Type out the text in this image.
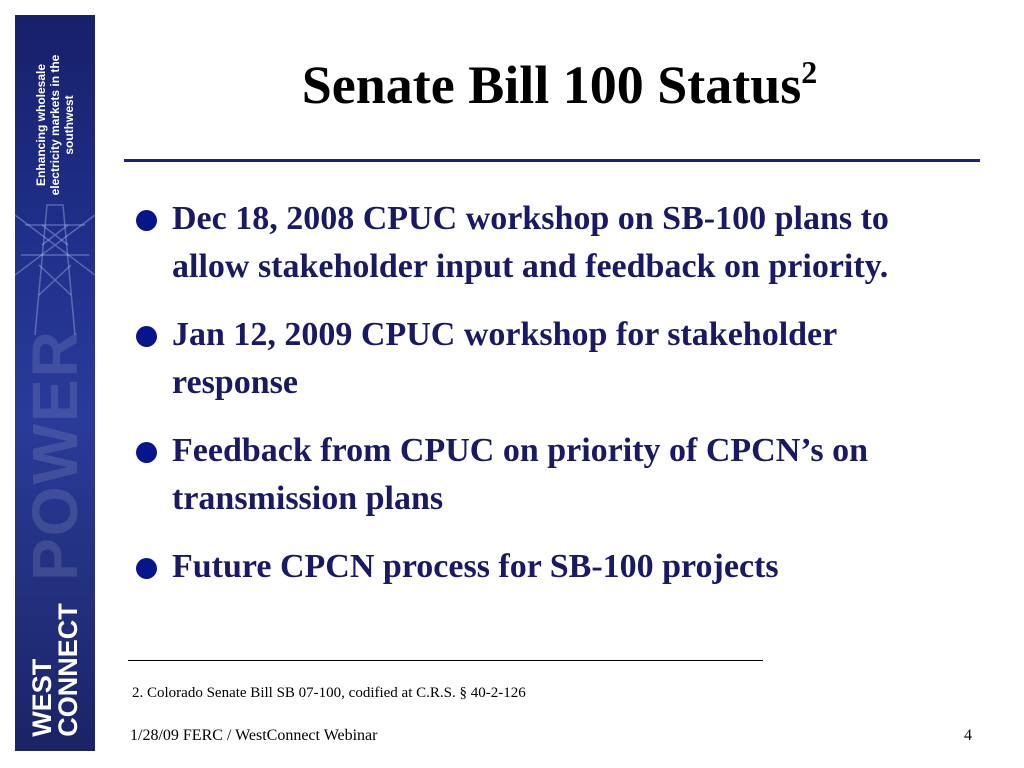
Enhancing wholesale electricity markets in the southwest
POWER
WEST
CONNECT
Senate Bill 100 Status$^2$
Dec 18, 2008 CPUC workshop on SB-100 plans to allow stakeholder input and feedback on priority.
Jan 12, 2009 CPUC workshop for stakeholder response
Feedback from CPUC on priority of CPCN’s on transmission plans
Future CPCN process for SB-100 projects
2. Colorado Senate Bill SB 07-100, codified at C.R.S. § 40-2-126
1/28/09 FERC / WestConnect Webinar	4
